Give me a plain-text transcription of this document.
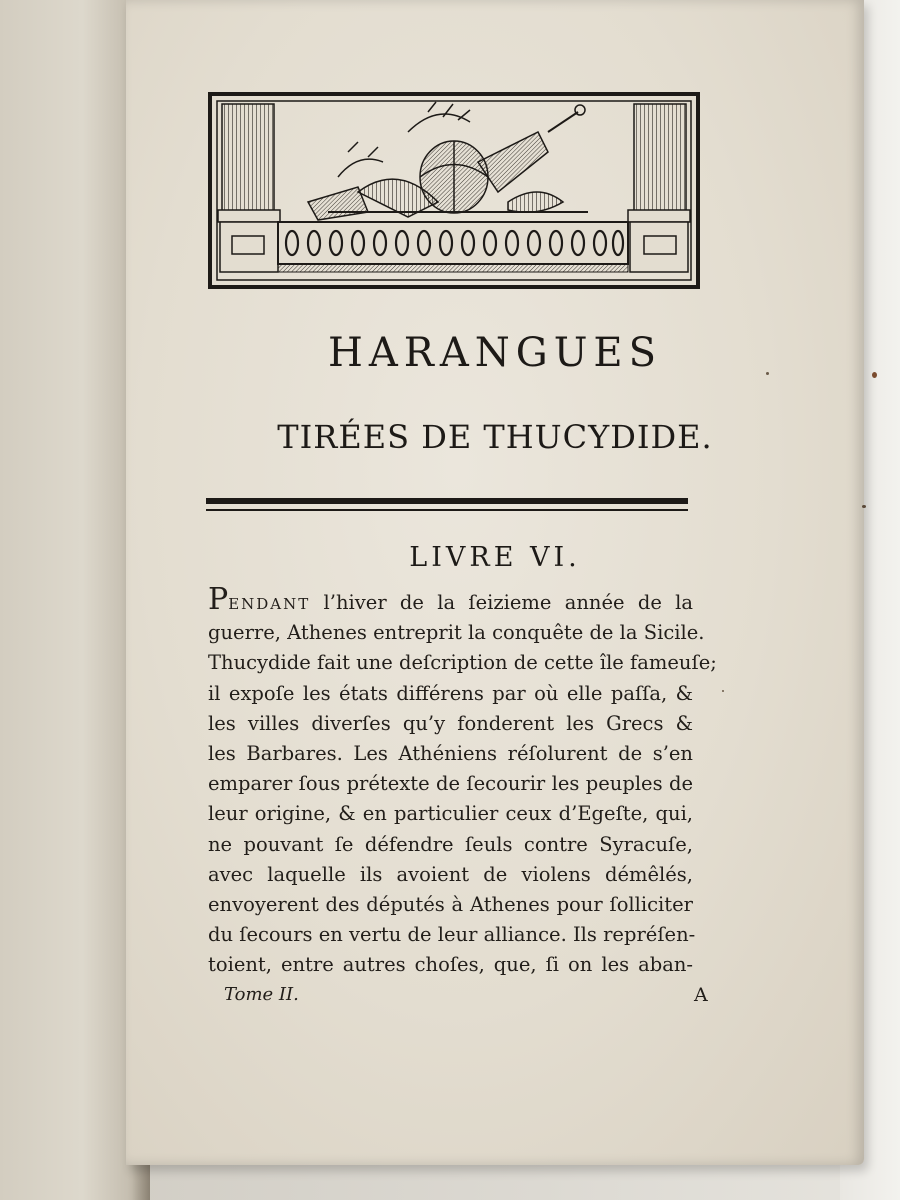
HARANGUES
TIRÉES DE THUCYDIDE.
LIVRE VI.
PENDANT l’hiver de la ſeizieme année de la
guerre, Athenes entreprit la conquête de la Sicile.
Thucydide fait une deſcription de cette île fameuſe;
il expoſe les états différens par où elle paſſa, &
les villes diverſes qu’y fonderent les Grecs &
les Barbares. Les Athéniens réſolurent de s’en
emparer ſous prétexte de ſecourir les peuples de
leur origine, & en particulier ceux d’Egeſte, qui,
ne pouvant ſe défendre ſeuls contre Syracuſe,
avec laquelle ils avoient de violens démêlés,
envoyerent des députés à Athenes pour ſolliciter
du ſecours en vertu de leur alliance. Ils repréſen-
toient, entre autres choſes, que, ſi on les aban-
Tome II.	A
